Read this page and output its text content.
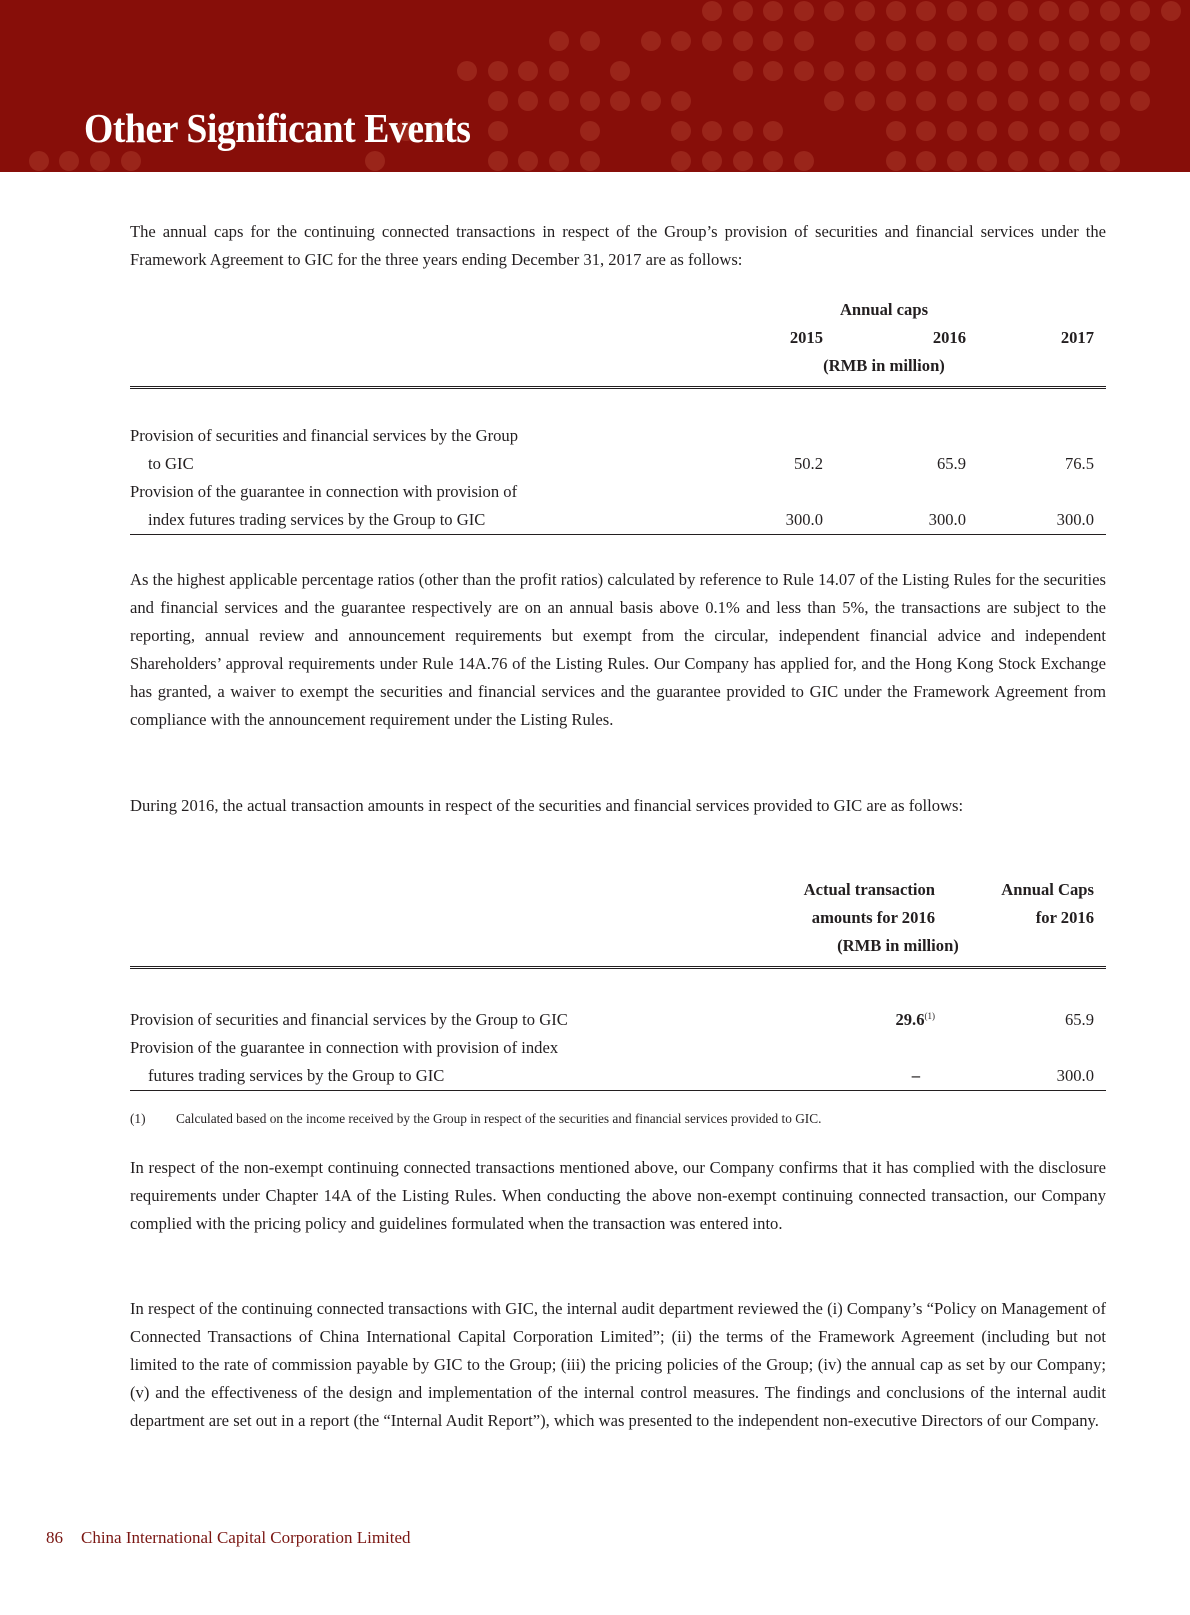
Other Significant Events

The annual caps for the continuing connected transactions in respect of the Group’s provision of securities and financial services under the Framework Agreement to GIC for the three years ending December 31, 2017 are as follows:

	Annual caps		
	2015	2016	2017
	(RMB in million)		

Provision of securities and financial services by the Group			
to GIC	50.2	65.9	76.5
Provision of the guarantee in connection with provision of			
index futures trading services by the Group to GIC	300.0	300.0	300.0

As the highest applicable percentage ratios (other than the profit ratios) calculated by reference to Rule 14.07 of the Listing Rules for the securities and financial services and the guarantee respectively are on an annual basis above 0.1% and less than 5%, the transactions are subject to the reporting, annual review and announcement requirements but exempt from the circular, independent financial advice and independent Shareholders’ approval requirements under Rule 14A.76 of the Listing Rules. Our Company has applied for, and the Hong Kong Stock Exchange has granted, a waiver to exempt the securities and financial services and the guarantee provided to GIC under the Framework Agreement from compliance with the announcement requirement under the Listing Rules.

During 2016, the actual transaction amounts in respect of the securities and financial services provided to GIC are as follows:

	Actual transaction	Annual Caps
	amounts for 2016	for 2016
	(RMB in million)	

Provision of securities and financial services by the Group to GIC	29.6$^{(1)}$	65.9
Provision of the guarantee in connection with provision of index		
futures trading services by the Group to GIC	–	300.0
(1)	Calculated based on the income received by the Group in respect of the securities and financial services provided to GIC.

In respect of the non-exempt continuing connected transactions mentioned above, our Company confirms that it has complied with the disclosure requirements under Chapter 14A of the Listing Rules. When conducting the above non-exempt continuing connected transaction, our Company complied with the pricing policy and guidelines formulated when the transaction was entered into.

In respect of the continuing connected transactions with GIC, the internal audit department reviewed the (i) Company’s “Policy on Management of Connected Transactions of China International Capital Corporation Limited”; (ii) the terms of the Framework Agreement (including but not limited to the rate of commission payable by GIC to the Group; (iii) the pricing policies of the Group; (iv) the annual cap as set by our Company; (v) and the effectiveness of the design and implementation of the internal control measures. The findings and conclusions of the internal audit department are set out in a report (the “Internal Audit Report”), which was presented to the independent non-executive Directors of our Company.

86 China International Capital Corporation Limited
